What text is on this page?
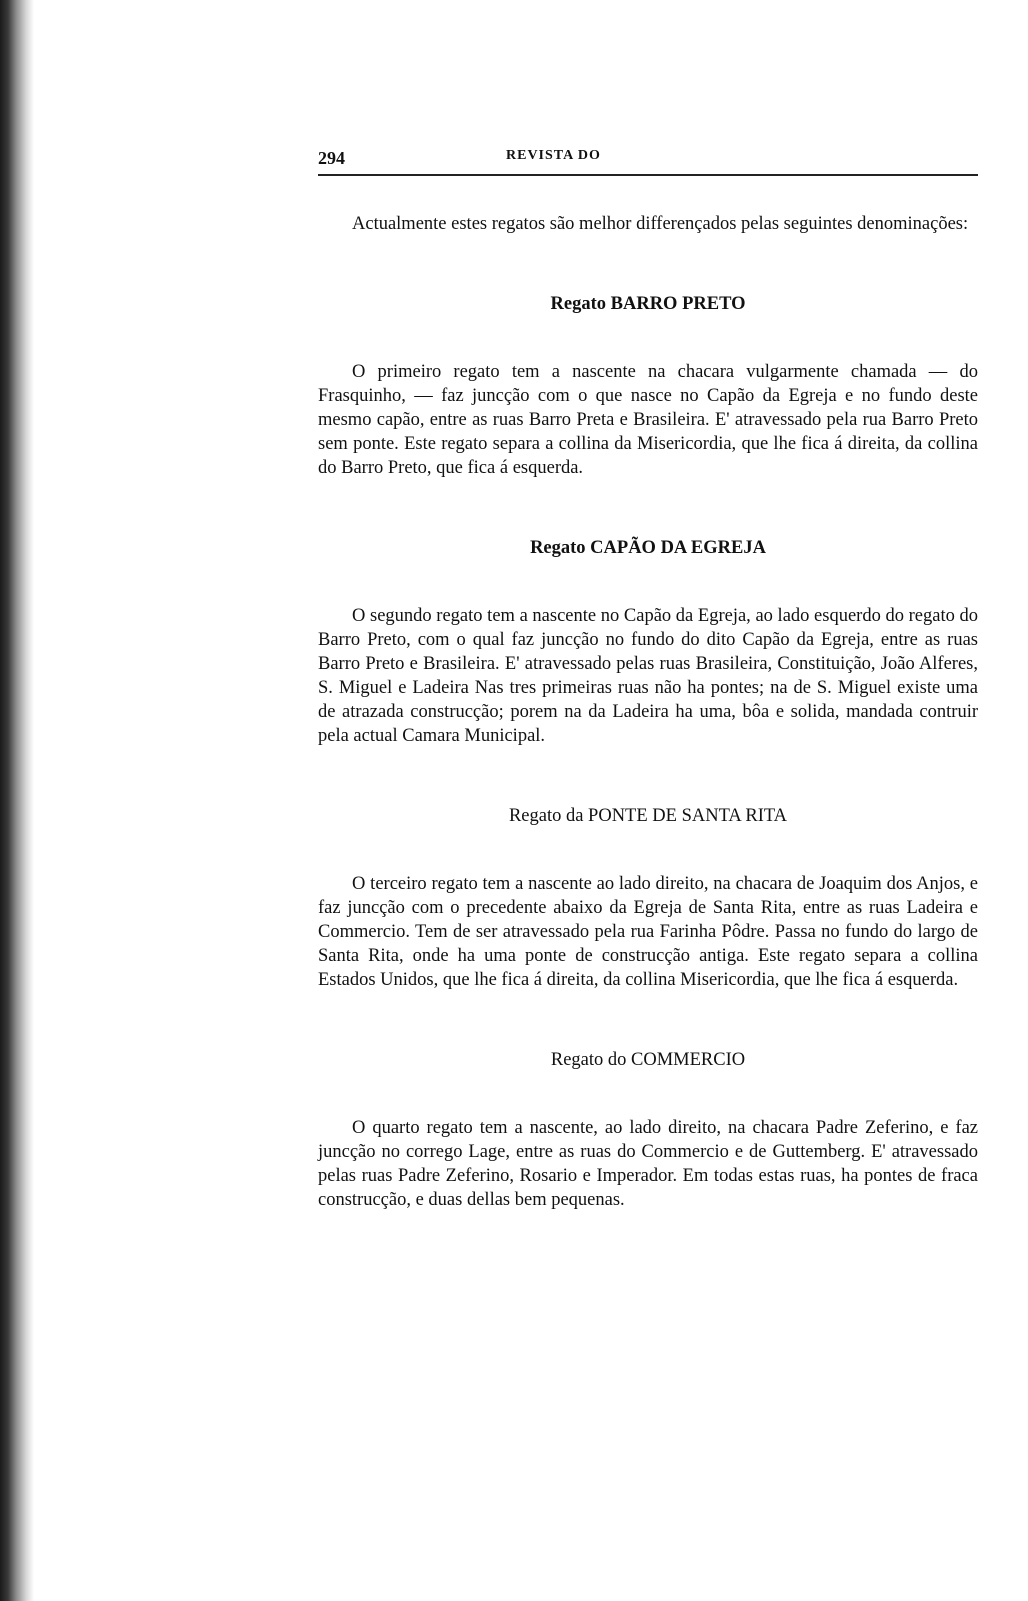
294	REVISTA DO

Actualmente estes regatos são melhor differençados pelas seguintes denominações:

Regato BARRO PRETO

O primeiro regato tem a nascente na chacara vulgarmente chamada — do Frasquinho, — faz juncção com o que nasce no Capão da Egreja e no fundo deste mesmo capão, entre as ruas Barro Preta e Brasileira. E' atravessado pela rua Barro Preto sem ponte. Este regato separa a collina da Misericordia, que lhe fica á direita, da collina do Barro Preto, que fica á esquerda.

Regato CAPÃO DA EGREJA

O segundo regato tem a nascente no Capão da Egreja, ao lado esquerdo do regato do Barro Preto, com o qual faz juncção no fundo do dito Capão da Egreja, entre as ruas Barro Preto e Brasileira. E' atravessado pelas ruas Brasileira, Constituição, João Alferes, S. Miguel e Ladeira Nas tres primeiras ruas não ha pontes; na de S. Miguel existe uma de atrazada construcção; porem na da Ladeira ha uma, bôa e solida, mandada contruir pela actual Camara Municipal.

Regato da PONTE DE SANTA RITA

O terceiro regato tem a nascente ao lado direito, na chacara de Joaquim dos Anjos, e faz juncção com o precedente abaixo da Egreja de Santa Rita, entre as ruas Ladeira e Commercio. Tem de ser atravessado pela rua Farinha Pôdre. Passa no fundo do largo de Santa Rita, onde ha uma ponte de construcção antiga. Este regato separa a collina Estados Unidos, que lhe fica á direita, da collina Misericordia, que lhe fica á esquerda.

Regato do COMMERCIO

O quarto regato tem a nascente, ao lado direito, na chacara Padre Zeferino, e faz juncção no corrego Lage, entre as ruas do Commercio e de Guttemberg. E' atravessado pelas ruas Padre Zeferino, Rosario e Imperador. Em todas estas ruas, ha pontes de fraca construcção, e duas dellas bem pequenas.
